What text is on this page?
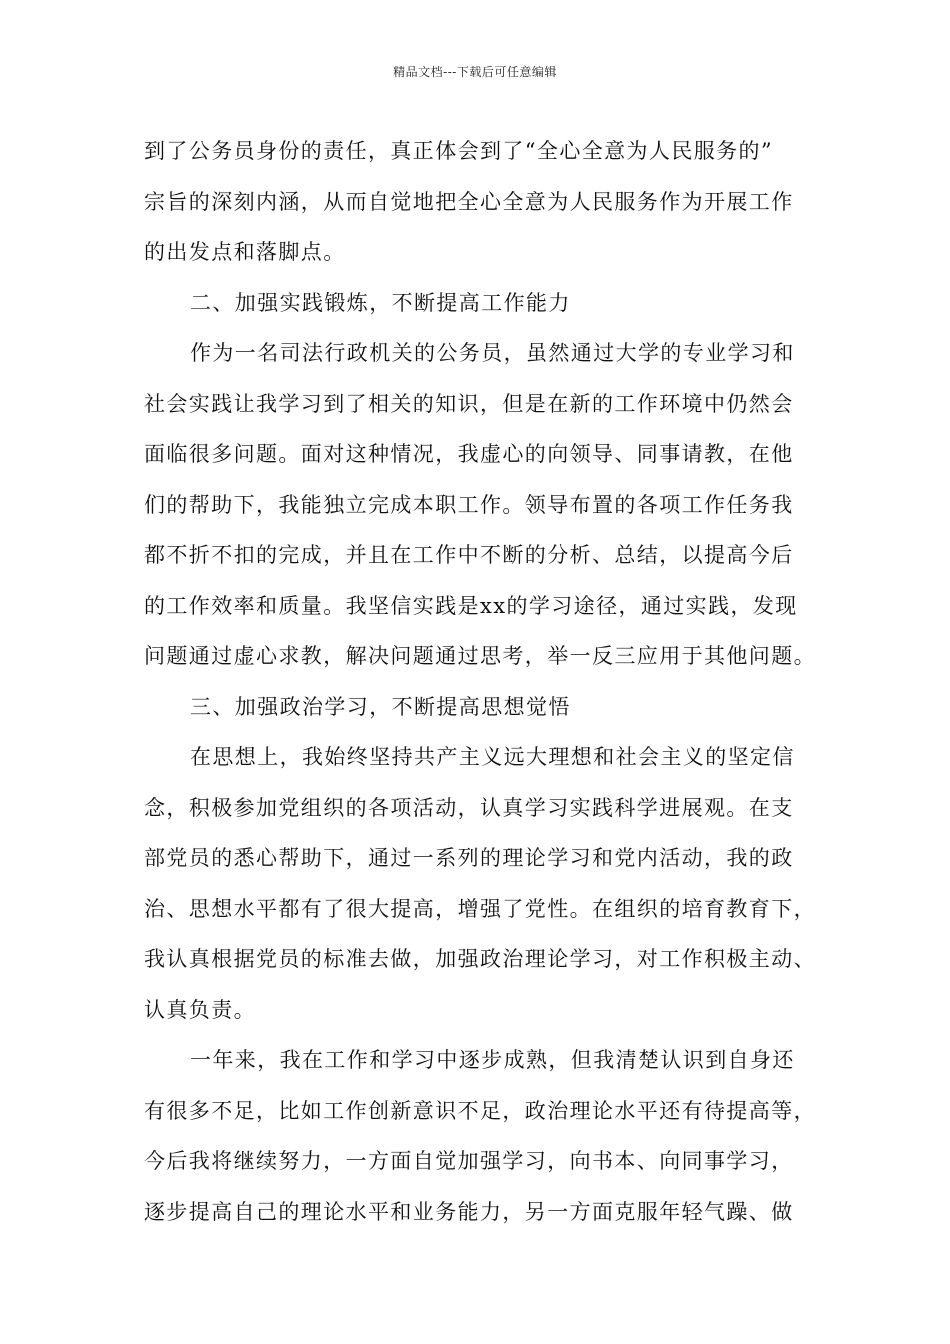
精品文档---下载后可任意编辑

到了公务员身份的责任，真正体会到了“全心全意为人民服务的”
宗旨的深刻内涵，从而自觉地把全心全意为人民服务作为开展工作
的出发点和落脚点。

二、加强实践锻炼，不断提高工作能力

作为一名司法行政机关的公务员，虽然通过大学的专业学习和
社会实践让我学习到了相关的知识，但是在新的工作环境中仍然会
面临很多问题。面对这种情况，我虚心的向领导、同事请教，在他
们的帮助下，我能独立完成本职工作。领导布置的各项工作任务我
都不折不扣的完成，并且在工作中不断的分析、总结，以提高今后
的工作效率和质量。我坚信实践是xx的学习途径，通过实践，发现
问题通过虚心求教，解决问题通过思考，举一反三应用于其他问题。

三、加强政治学习，不断提高思想觉悟

在思想上，我始终坚持共产主义远大理想和社会主义的坚定信
念，积极参加党组织的各项活动，认真学习实践科学进展观。在支
部党员的悉心帮助下，通过一系列的理论学习和党内活动，我的政
治、思想水平都有了很大提高，增强了党性。在组织的培育教育下，
我认真根据党员的标准去做，加强政治理论学习，对工作积极主动、
认真负责。

一年来，我在工作和学习中逐步成熟，但我清楚认识到自身还
有很多不足，比如工作创新意识不足，政治理论水平还有待提高等，
今后我将继续努力，一方面自觉加强学习，向书本、向同事学习，
逐步提高自己的理论水平和业务能力，另一方面克服年轻气躁、做
